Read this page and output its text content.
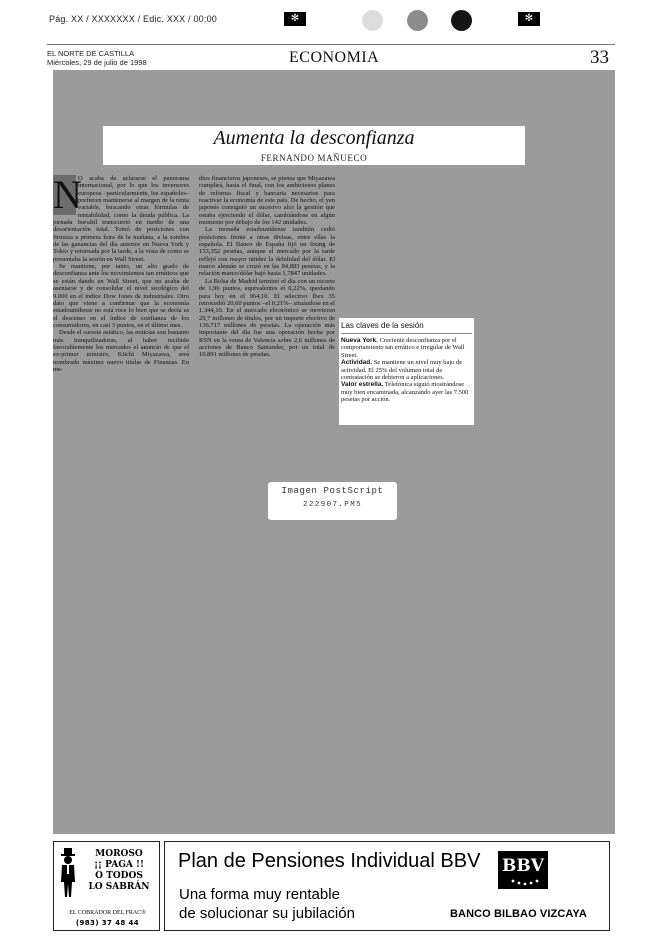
Pág. XX / XXXXXXX / Edic. XXX / 00:00	✻	✻
EL NORTE DE CASTILLA
Miércoles, 29 de julio de 1998	ECONOMIA	33
Aumenta la desconfianza
FERNANDO MAÑUECO
N

O acaba de aclararse el panorama internacional, por lo que los inversores europeos –particularmente, los españoles– prefieren mantenerse al margen de la renta variable, buscando otras fórmulas de rentabilidad, como la deuda pública. La jornada bursátil transcurrió en medio de una desorientación total. Tomó de posiciones con firmeza a primera hora de la mañana, a la sombra de las ganancias del día anterior en Nueva York y Tokio y retornada por la tarde, a la vista de como se presentaba la sesión en Wall Street.

Se mantiene, por tanto, un alto grado de desconfianza ante los movimientos tan erráticos que se están dando en Wall Street, que no acaba de asentarse y de consolidar el nivel sicológico del 9.000 en el índice Dow Jones de industriales. Otro dato que viene a confirmar que la economía estadounidense no está roce lo bien que se decía es el descenso en el índice de confianza de los consumidores, en casi 3 puntos, en el último mes.

Desde el sureste asiático, las noticias son bastante más tranquilizadoras, al haber recibido favorablemente los mercados el anuncio de que el ex-primer ministro, Kiichi Miyazawa, será nombrado máximo nuevo titular de Finanzas. En me-

dios financieros japoneses, se piensa que Miyazawa cumplirá, hasta el final, con los ambiciosos planes de reforma fiscal y bancaria necesarios para reactivar la economía de este país. De hecho, el yen japonés consiguió un sucesivo alce la gestión que estaba ejerciendo el dólar, cambiándose en algún momento por debajo de los 142 unidades.

La moneda estadounidense también cedió posiciones frente a otras divisas, entre ellas la española. El Banco de España fijó un fixing de 153,352 pesetas, aunque el mercado por la tarde reflejó con mayor nitidez la debilidad del dólar. El marco alemán se cruzó en las 84,883 pesetas, y la relación marco/dólar bajó hasta 1,7847 unidades.

La Bolsa de Madrid terminó el día con un recorte de 1,96 puntos, equivalentes el 0,22%, quedando para hoy en el 964,10. El selectivo Ibex 35 retrocedió 20,60 puntos –el 0,21%– situándose en el 1.344,10. En el mercado electrónico se movieron 29,7 millones de títulos, por un importe efectivo de 136.717 millones de pesetas. La operación más importante del día fue una operación hecha por RSN en la venta de Valencia sobre 2,6 millones de acciones de Banco Santander, por un total de 10.891 millones de pesetas.

Las claves de la sesión

Nueva York. Creciente desconfianza por el comportamiento tan errático e irregular de Wall Street.

Actividad. Se mantiene un nivel muy bajo de actividad. El 25% del volumen total de contratación se debieron a aplicaciones.

Valor estrella. Telefónica siguió mostrándose muy bien encaminada, alcanzando ayer las 7.500 pesetas por acción.

Imagen PostScript
222907.PM5
MOROSO
¡¡ PAGA !!
O TODOS
LO SABRÁN
EL COBRADOR DEL FRAC®
(983) 37 48 44
Plan de Pensiones Individual BBV
Una forma muy rentable
de solucionar su jubilación
BBV
BANCO BILBAO VIZCAYA
